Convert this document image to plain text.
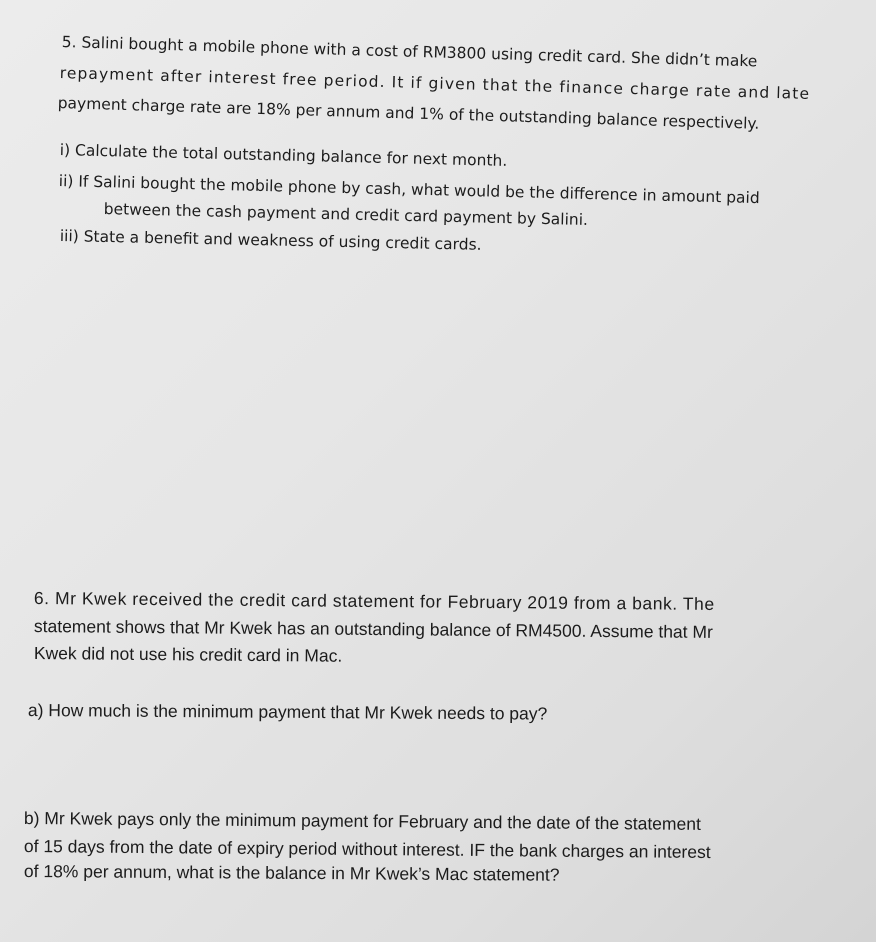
5. Salini bought a mobile phone with a cost of RM3800 using credit card. She didn’t make
repayment after interest free period. It if given that the finance charge rate and late
payment charge rate are 18% per annum and 1% of the outstanding balance respectively.
i) Calculate the total outstanding balance for next month.
ii) If Salini bought the mobile phone by cash, what would be the difference in amount paid
between the cash payment and credit card payment by Salini.
iii) State a benefit and weakness of using credit cards.
6. Mr Kwek received the credit card statement for February 2019 from a bank. The
statement shows that Mr Kwek has an outstanding balance of RM4500. Assume that Mr
Kwek did not use his credit card in Mac.
a) How much is the minimum payment that Mr Kwek needs to pay?
b) Mr Kwek pays only the minimum payment for February and the date of the statement
of 15 days from the date of expiry period without interest. IF the bank charges an interest
of 18% per annum, what is the balance in Mr Kwek’s Mac statement?
